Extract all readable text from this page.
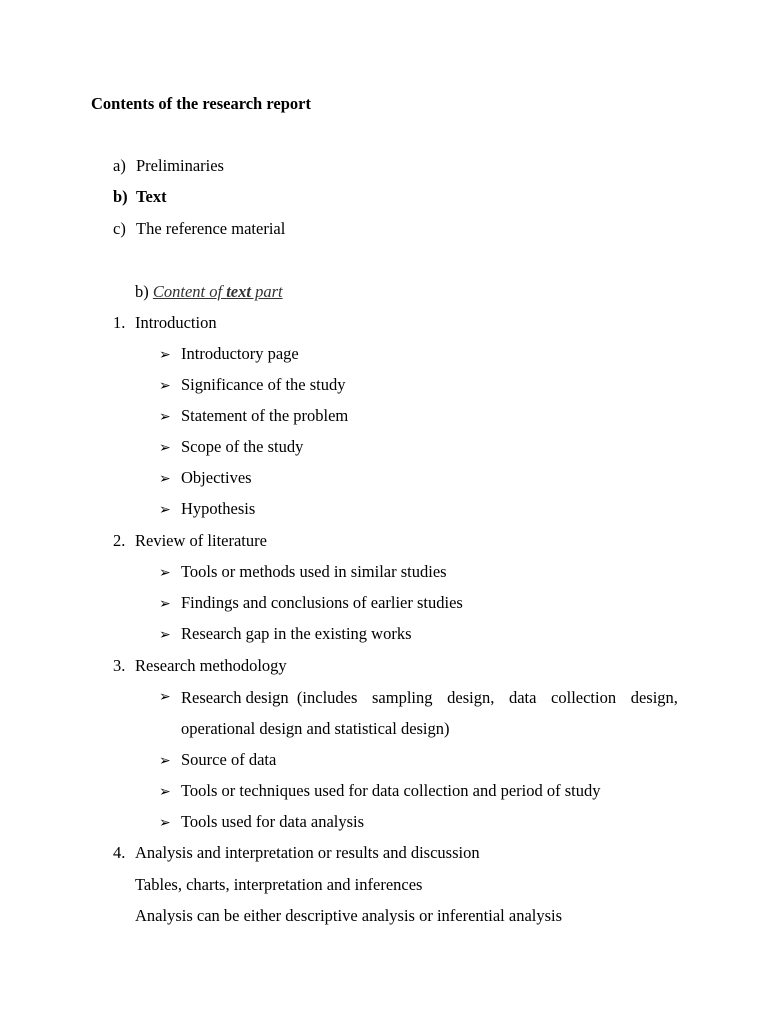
Contents of the research report
a) Preliminaries
b) Text
c) The reference material
b) Content of text part
1. Introduction
➢ Introductory page
➢ Significance of the study
➢ Statement of the problem
➢ Scope of the study
➢ Objectives
➢ Hypothesis
2. Review of literature
➢ Tools or methods used in similar studies
➢ Findings and conclusions of earlier studies
➢ Research gap in the existing works
3. Research methodology
➢ Research design  (includes sampling design, data collection design,
operational design and statistical design)
➢ Source of data
➢ Tools or techniques used for data collection and period of study
➢ Tools used for data analysis
4. Analysis and interpretation or results and discussion
Tables, charts, interpretation and inferences
Analysis can be either descriptive analysis or inferential analysis
